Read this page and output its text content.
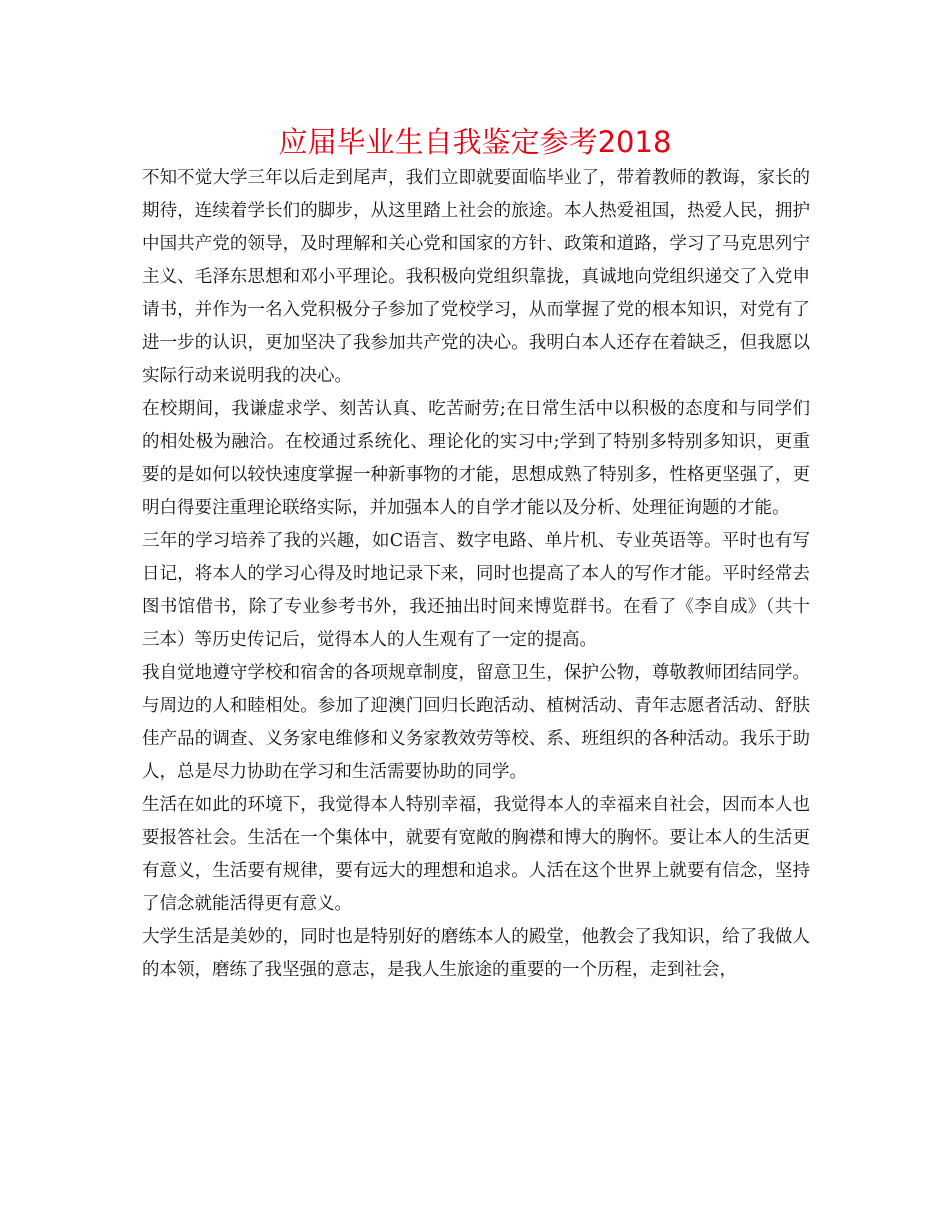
应届毕业生自我鉴定参考2018

不知不觉大学三年以后走到尾声，我们立即就要面临毕业了，带着教师的教诲，家长的期待，连续着学长们的脚步，从这里踏上社会的旅途。本人热爱祖国，热爱人民，拥护中国共产党的领导，及时理解和关心党和国家的方针、政策和道路，学习了马克思列宁主义、毛泽东思想和邓小平理论。我积极向党组织靠拢，真诚地向党组织递交了入党申请书，并作为一名入党积极分子参加了党校学习，从而掌握了党的根本知识，对党有了进一步的认识，更加坚决了我参加共产党的决心。我明白本人还存在着缺乏，但我愿以实际行动来说明我的决心。

在校期间，我谦虚求学、刻苦认真、吃苦耐劳;在日常生活中以积极的态度和与同学们的相处极为融洽。在校通过系统化、理论化的实习中;学到了特别多特别多知识，更重要的是如何以较快速度掌握一种新事物的才能，思想成熟了特别多，性格更坚强了，更明白得要注重理论联络实际，并加强本人的自学才能以及分析、处理征询题的才能。

三年的学习培养了我的兴趣，如C语言、数字电路、单片机、专业英语等。平时也有写日记，将本人的学习心得及时地记录下来，同时也提高了本人的写作才能。平时经常去图书馆借书，除了专业参考书外，我还抽出时间来博览群书。在看了《李自成》（共十三本）等历史传记后，觉得本人的人生观有了一定的提高。

我自觉地遵守学校和宿舍的各项规章制度，留意卫生，保护公物，尊敬教师团结同学。与周边的人和睦相处。参加了迎澳门回归长跑活动、植树活动、青年志愿者活动、舒肤佳产品的调查、义务家电维修和义务家教效劳等校、系、班组织的各种活动。我乐于助人，总是尽力协助在学习和生活需要协助的同学。

生活在如此的环境下，我觉得本人特别幸福，我觉得本人的幸福来自社会，因而本人也要报答社会。生活在一个集体中，就要有宽敞的胸襟和博大的胸怀。要让本人的生活更有意义，生活要有规律，要有远大的理想和追求。人活在这个世界上就要有信念，坚持了信念就能活得更有意义。

大学生活是美妙的，同时也是特别好的磨练本人的殿堂，他教会了我知识，给了我做人的本领，磨练了我坚强的意志，是我人生旅途的重要的一个历程，走到社会，
